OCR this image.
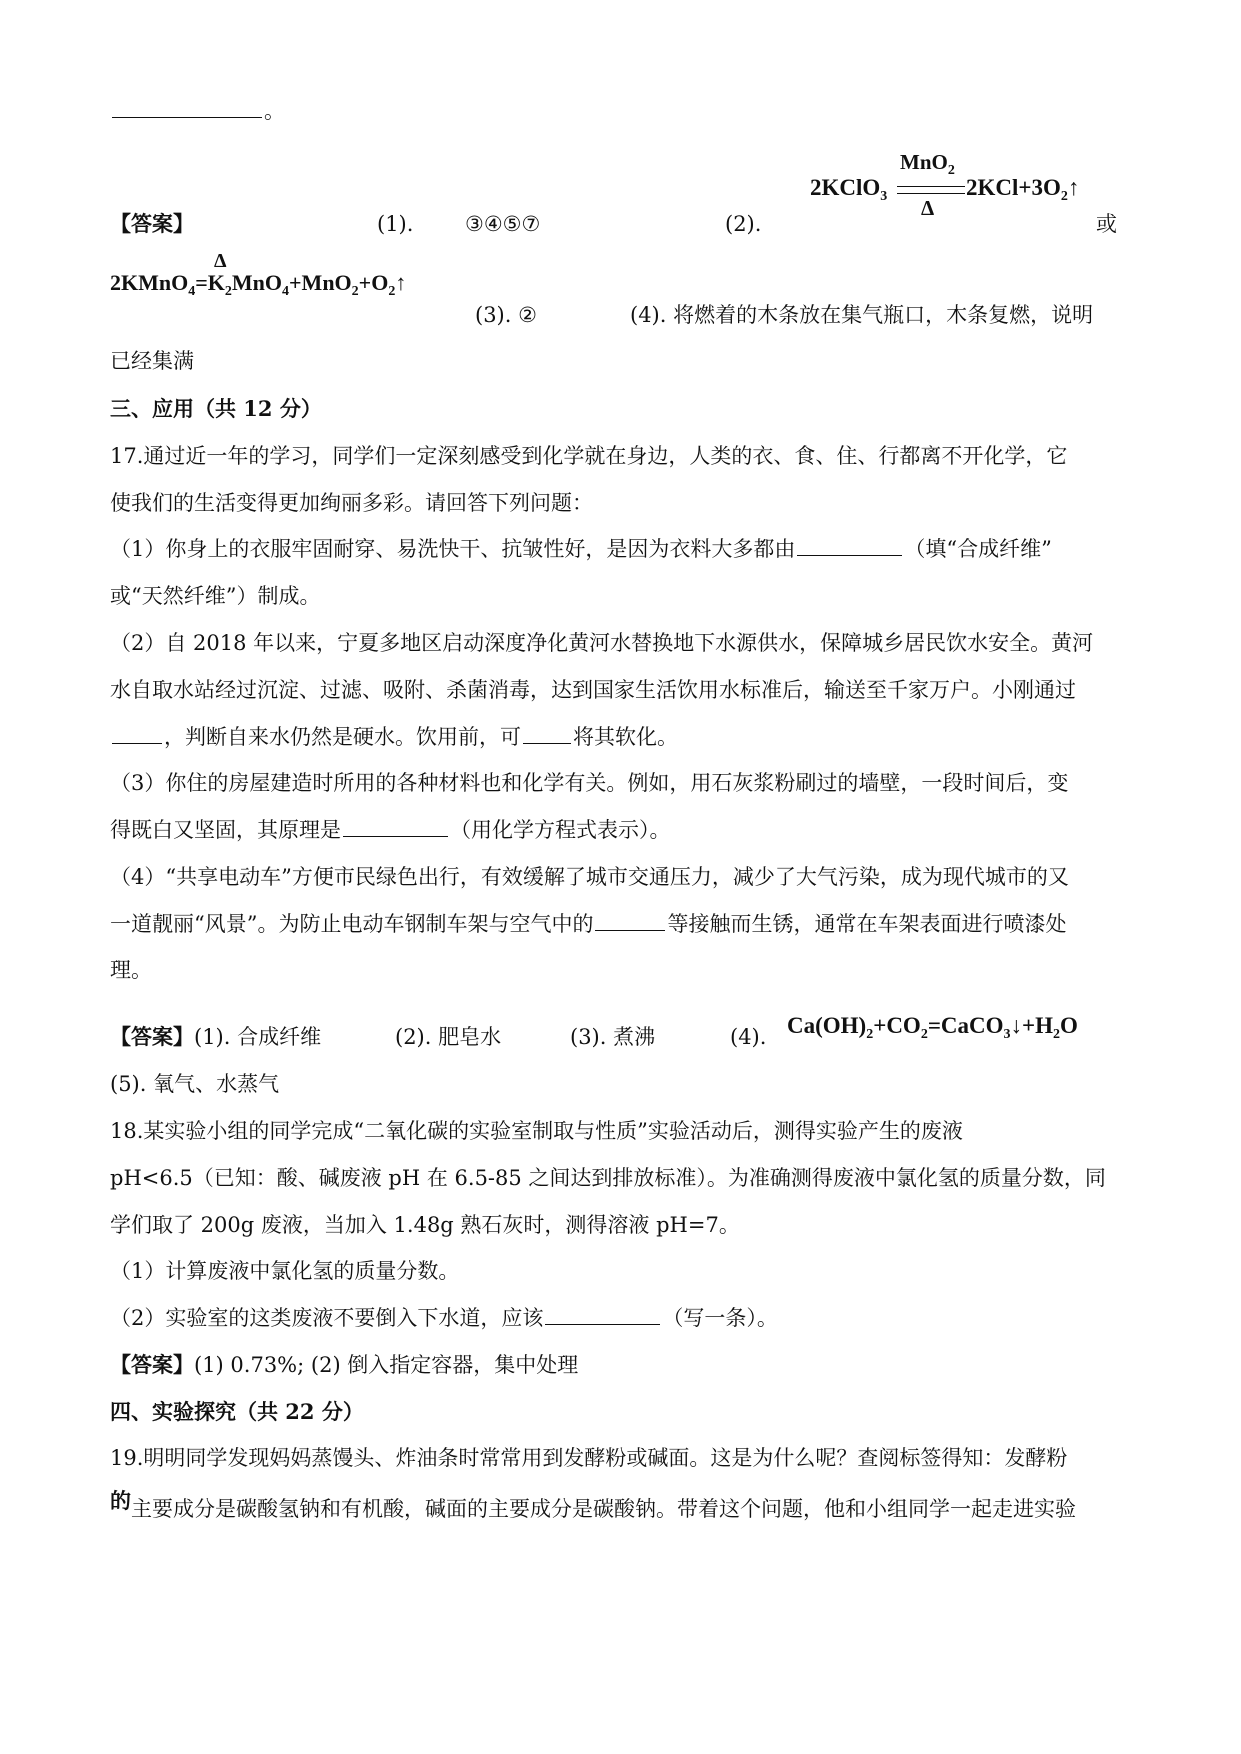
。
【答案】	(1). ③④⑤⑦	(2).
2KClO$_3$
MnO$_2$
Δ
$2KCl+3O_2↑$
或
Δ
$2KMnO_4=K_2MnO_4+MnO_2+O_2↑$
(3). ②	(4). 将燃着的木条放在集气瓶口，木条复燃，说明
已经集满
三、应用（共 12 分）
17.通过近一年的学习，同学们一定深刻感受到化学就在身边，人类的衣、食、住、行都离不开化学，它
使我们的生活变得更加绚丽多彩。请回答下列问题：
（1）你身上的衣服牢固耐穿、易洗快干、抗皱性好，是因为衣料大多都由	（填“合成纤维”
或“天然纤维”）制成。
（2）自 2018 年以来，宁夏多地区启动深度净化黄河水替换地下水源供水，保障城乡居民饮水安全。黄河
水自取水站经过沉淀、过滤、吸附、杀菌消毒，达到国家生活饮用水标准后，输送至千家万户。小刚通过
，判断自来水仍然是硬水。饮用前，可 将其软化。
（3）你住的房屋建造时所用的各种材料也和化学有关。例如，用石灰浆粉刷过的墙壁，一段时间后，变
得既白又坚固，其原理是	（用化学方程式表示）。
（4）“共享电动车”方便市民绿色出行，有效缓解了城市交通压力，减少了大气污染，成为现代城市的又
一道靓丽“风景”。为防止电动车钢制车架与空气中的	等接触而生锈，通常在车架表面进行喷漆处
理。
【答案】(1). 合成纤维	(2). 肥皂水	(3). 煮沸	(4). $Ca(OH)_2+CO_2=CaCO_3↓+H_2O$
(5). 氧气、水蒸气
18.某实验小组的同学完成“二氧化碳的实验室制取与性质”实验活动后，测得实验产生的废液
pH<6.5（已知：酸、碱废液 pH 在 6.5-85 之间达到排放标准）。为准确测得废液中氯化氢的质量分数，同
学们取了 200g 废液，当加入 1.48g 熟石灰时，测得溶液 pH=7。
（1）计算废液中氯化氢的质量分数。
（2）实验室的这类废液不要倒入下水道，应该	（写一条）。
【答案】(1) 0.73%; (2) 倒入指定容器，集中处理
四、实验探究（共 22 分）
19.明明同学发现妈妈蒸馒头、炸油条时常常用到发酵粉或碱面。这是为什么呢？查阅标签得知：发酵粉
的主要成分是碳酸氢钠和有机酸，碱面的主要成分是碳酸钠。带着这个问题，他和小组同学一起走进实验
